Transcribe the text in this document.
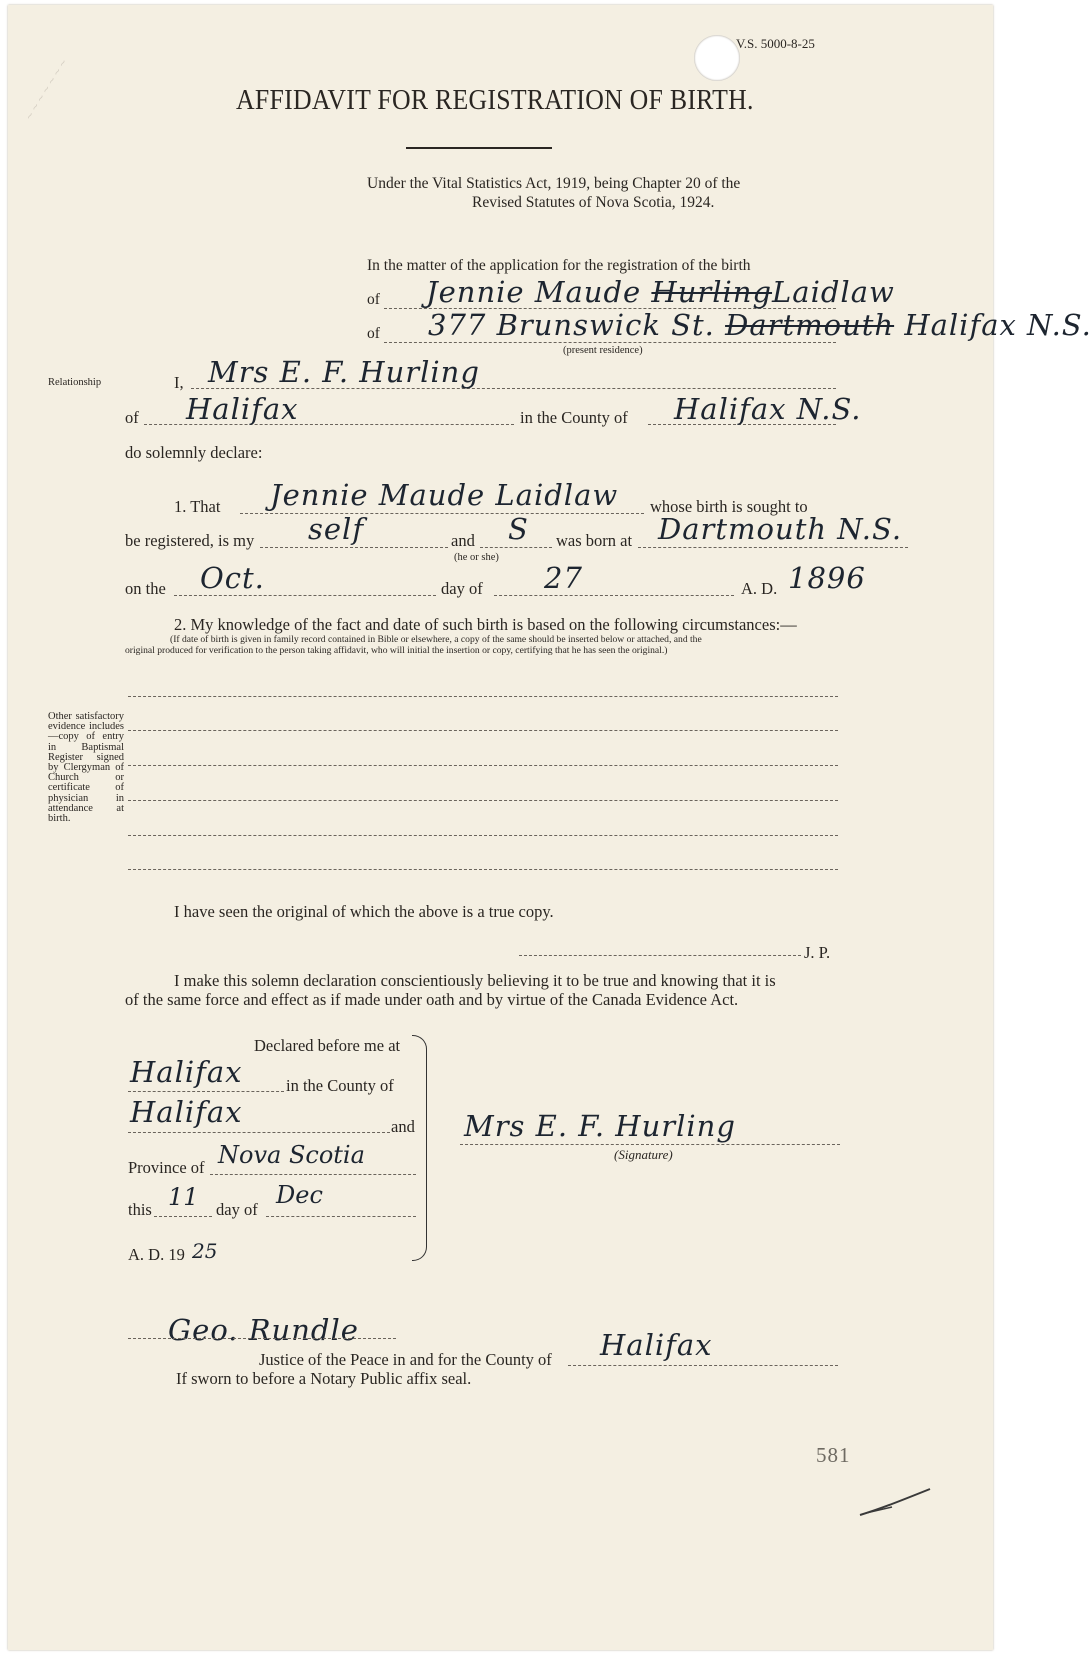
~ ~ ~ ~ ~ ~ ~
V.S. 5000-8-25
AFFIDAVIT FOR REGISTRATION OF BIRTH.
Under the Vital Statistics Act, 1919, being Chapter 20 of the
Revised Statutes of Nova Scotia, 1924.
In the matter of the application for the registration of the birth
of Jennie Maude HurlingLaidlaw
of 377 Brunswick St. Dartmouth Halifax N.S.
(present residence)
Relationship	I, Mrs E. F. Hurling
of Halifax	in the County of Halifax N.S.
do solemnly declare:
1. That Jennie Maude Laidlaw whose birth is sought to
be registered, is my self	and S
(he or she)
was born at Dartmouth N.S.
on the Oct.	day of 27	A. D. 1896
2. My knowledge of the fact and date of such birth is based on the following circumstances:—
(If date of birth is given in family record contained in Bible or elsewhere, a copy of the same should be inserted below or attached, and the
original produced for verification to the person taking affidavit, who will initial the insertion or copy, certifying that he has seen the original.)
Other satisfactory evidence includes —copy of entry in Baptismal Register signed by Clergyman of Church or certificate of physician in attendance at birth.
I have seen the original of which the above is a true copy.
J. P.
I make this solemn declaration conscientiously believing it to be true and knowing that it is
of the same force and effect as if made under oath and by virtue of the Canada Evidence Act.
Declared before me at
Halifax	in the County of
Halifax	and
Province of Nova Scotia
this 11 day of
Dec
A. D. 19 25
Mrs E. F. Hurling
(Signature)
Geo. Rundle
Justice of the Peace in and for the County of Halifax
If sworn to before a Notary Public affix seal.
581
